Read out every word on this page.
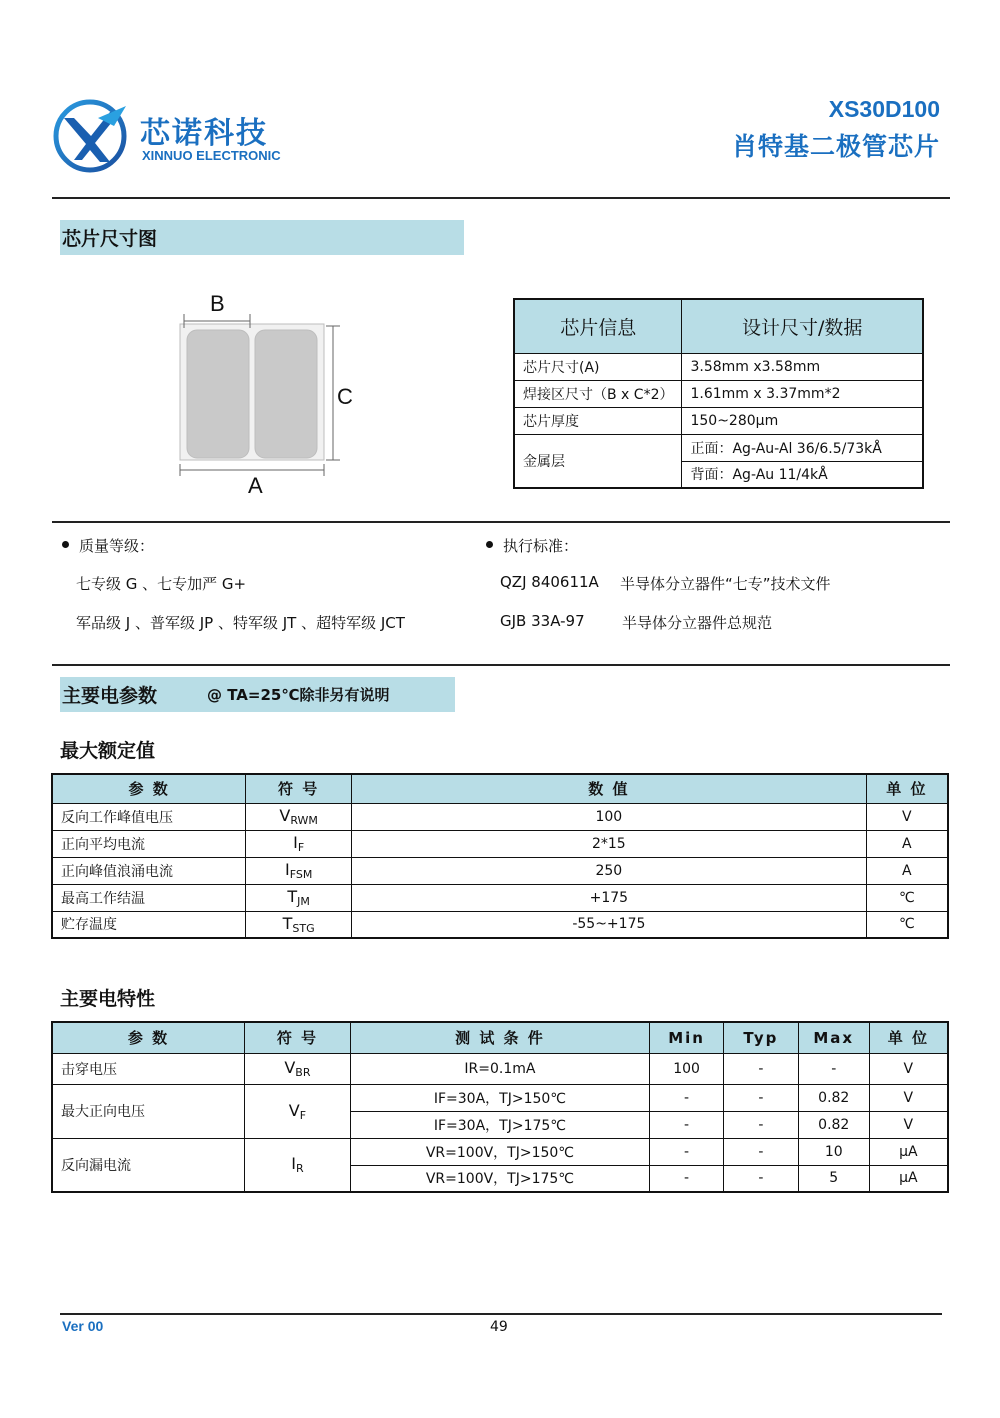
芯诺科技
XINNUO ELECTRONIC
XS30D100
肖特基二极管芯片
芯片尺寸图
B
C
A
芯片信息	设计尺寸/数据
芯片尺寸(A)	3.58mm x3.58mm
焊接区尺寸（B x C*2）	1.61mm x 3.37mm*2
芯片厚度	150~280µm
金属层	正面：Ag-Au-Al 36/6.5/73kÅ
	背面：Ag-Au 11/4kÅ
质量等级：
七专级 G 、七专加严 G+
军品级 J 、普军级 JP 、特军级 JT 、超特军级 JCT
执行标准：
QZJ 840611A 半导体分立器件“七专”技术文件
GJB 33A-97 半导体分立器件总规范
主要电参数	@ TA=25℃除非另有说明
最大额定值
参 数	符 号	数 值	单 位
反向工作峰值电压	$V_{RWM}$	100	V
正向平均电流	$I_F$	2*15	A
正向峰值浪涌电流	$I_{FSM}$	250	A
最高工作结温	$T_{JM}$	+175	℃
贮存温度	$T_{STG}$	-55~+175	℃
主要电特性
参 数	符 号	测 试 条 件	Min	Typ	Max	单 位
击穿电压	$V_{BR}$	IR=0.1mA	100	-	-	V
最大正向电压	$V_F$	IF=30A，TJ>150℃	-	-	0.82	V
		IF=30A，TJ>175℃	-	-	0.82	V
反向漏电流	$I_R$	VR=100V，TJ>150℃	-	-	10	μA
		VR=100V，TJ>175℃	-	-	5	μA
Ver 00	49
